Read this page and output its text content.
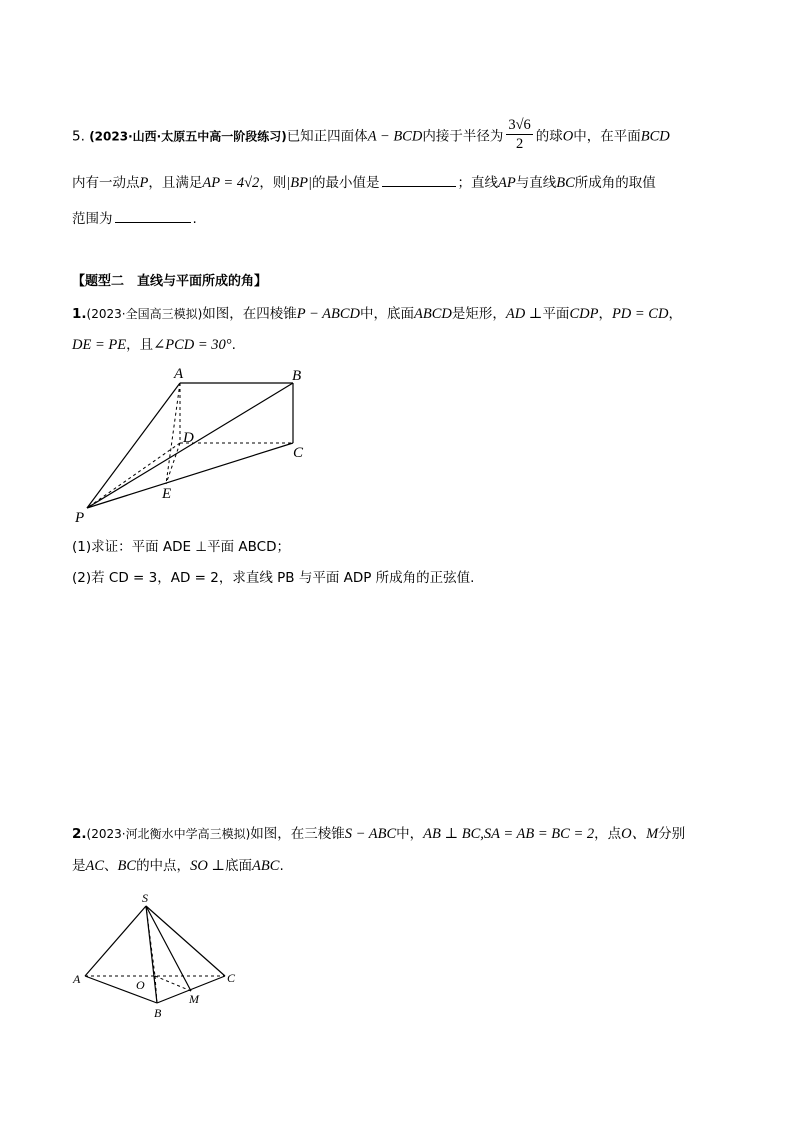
5. (2023·山西·太原五中高一阶段练习)已知正四面体A − BCD内接于半径为 $\frac{3√6}{2}$ 的球O中，在平面BCD
内有一动点P，且满足AP = 4√2，则|BP|的最小值是	；直线AP与直线BC所成角的取值
范围为	.
【题型二　直线与平面所成的角】
1.(2023·全国高三模拟)如图，在四棱锥P − ABCD中，底面ABCD是矩形，AD ⊥平面CDP，PD = CD，
DE = PE，且∠PCD = 30°.
A	B
C
D
E
P
(1)求证：平面 ADE ⊥平面 ABCD；
(2)若 CD = 3，AD = 2，求直线 PB 与平面 ADP 所成角的正弦值.
2.(2023·河北衡水中学高三模拟)如图，在三棱锥S − ABC中，AB ⊥ BC,SA = AB = BC = 2，点O、M分别
是AC、BC的中点，SO ⊥底面ABC.
S
A
B
C
O
M
